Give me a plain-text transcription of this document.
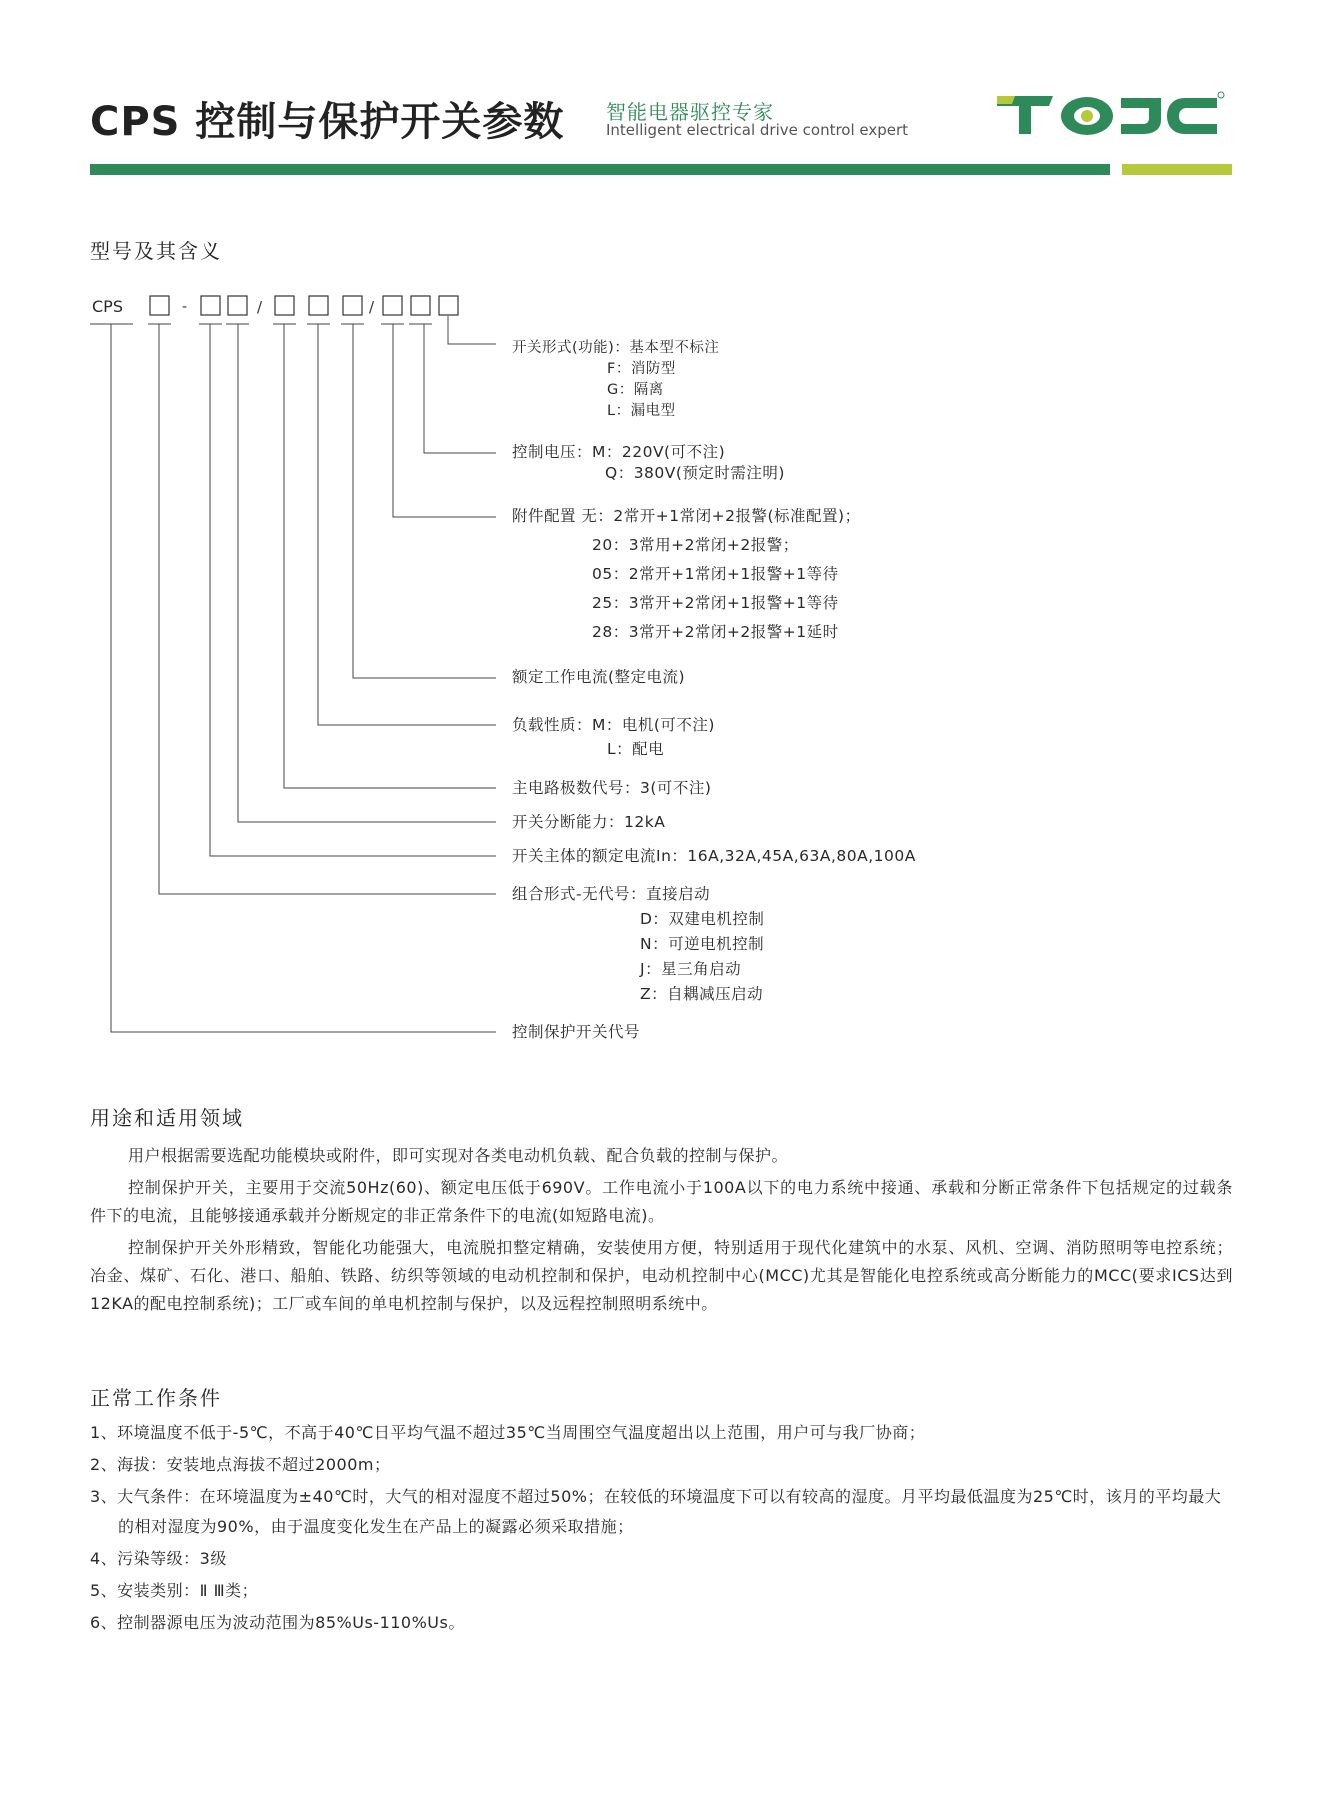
CPS 控制与保护开关参数 智能电器驱控专家
Intelligent electrical drive control expert
型号及其含义
CPS	-	/	/
开关形式(功能)：基本型不标注
F：消防型
G：隔离
L：漏电型
控制电压：M：220V(可不注)
Q：380V(预定时需注明)
附件配置 无：2常开+1常闭+2报警(标准配置)；
20：3常用+2常闭+2报警；
05：2常开+1常闭+1报警+1等待
25：3常开+2常闭+1报警+1等待
28：3常开+2常闭+2报警+1延时
额定工作电流(整定电流)
负载性质：M：电机(可不注)
L：配电
主电路极数代号：3(可不注)
开关分断能力：12kA
开关主体的额定电流In：16A,32A,45A,63A,80A,100A
组合形式-无代号：直接启动
D：双建电机控制
N：可逆电机控制
J：星三角启动
Z：自耦减压启动
控制保护开关代号
用途和适用领域

用户根据需要选配功能模块或附件，即可实现对各类电动机负载、配合负载的控制与保护。

控制保护开关，主要用于交流50Hz(60)、额定电压低于690V。工作电流小于100A以下的电力系统中接通、承载和分断正常条件下包括规定的过载条件下的电流，且能够接通承载并分断规定的非正常条件下的电流(如短路电流)。

控制保护开关外形精致，智能化功能强大，电流脱扣整定精确，安装使用方便，特别适用于现代化建筑中的水泵、风机、空调、消防照明等电控系统；冶金、煤矿、石化、港口、船舶、铁路、纺织等领域的电动机控制和保护，电动机控制中心(MCC)尤其是智能化电控系统或高分断能力的MCC(要求ICS达到12KA的配电控制系统)；工厂或车间的单电机控制与保护，以及远程控制照明系统中。

正常工作条件
1、环境温度不低于-5℃，不高于40℃日平均气温不超过35℃当周围空气温度超出以上范围，用户可与我厂协商；
2、海拔：安装地点海拔不超过2000m；
3、大气条件：在环境温度为±40℃时，大气的相对湿度不超过50%；在较低的环境温度下可以有较高的湿度。月平均最低温度为25℃时，该月的平均最大的相对湿度为90%，由于温度变化发生在产品上的凝露必须采取措施；
4、污染等级：3级
5、安装类别：Ⅱ Ⅲ类；
6、控制器源电压为波动范围为85%Us-110%Us。
